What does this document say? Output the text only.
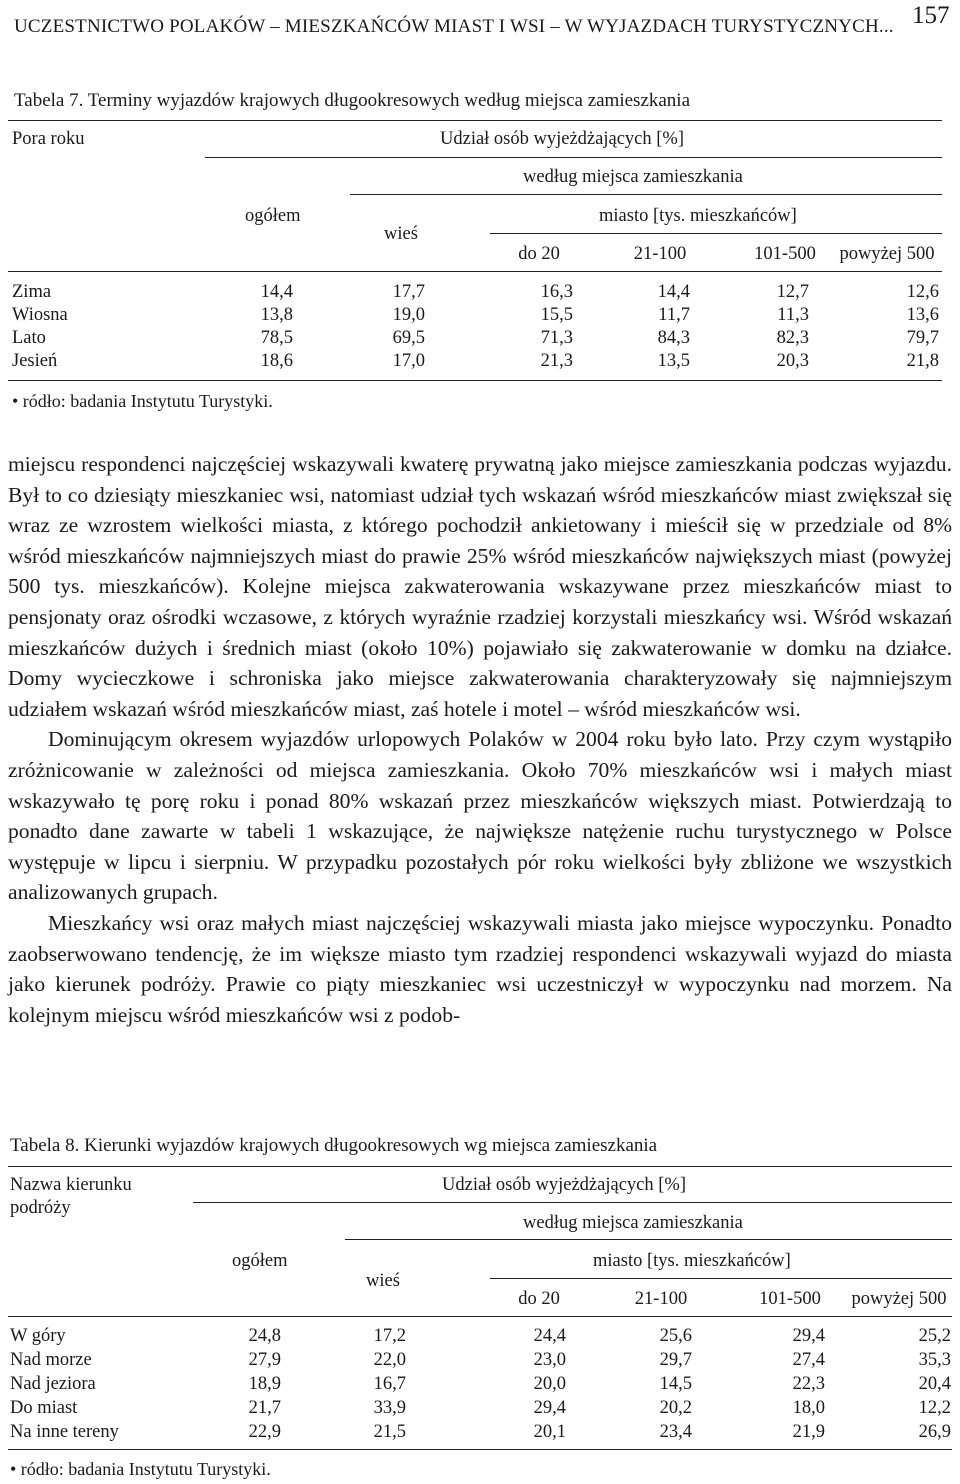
UCZESTNICTWO POLAKÓW – MIESZKAŃCÓW MIAST I WSI – W WYJAZDACH TURYSTYCZNYCH... 157
Tabela 7. Terminy wyjazdów krajowych długookresowych według miejsca zamieszkania
Pora roku	Udział osób wyjeżdżających [%]
według miejsca zamieszkania
ogółem
wieś
miasto [tys. mieszkańców]
do 20	21-100	101-500	powyżej 500
Zima	14,4	17,7	16,3	14,4	12,7	12,6
Wiosna	13,8	19,0	15,5	11,7	11,3	13,6
Lato	78,5	69,5	71,3	84,3	82,3	79,7
Jesień	18,6	17,0	21,3	13,5	20,3	21,8
• ródło: badania Instytutu Turystyki.

miejscu respondenci najczęściej wskazywali kwaterę prywatną jako miejsce zamieszkania podczas wyjazdu. Był to co dziesiąty mieszkaniec wsi, natomiast udział tych wskazań wśród mieszkańców miast zwiększał się wraz ze wzrostem wielkości miasta, z którego pochodził ankietowany i mieścił się w przedziale od 8% wśród mieszkańców najmniejszych miast do prawie 25% wśród mieszkańców największych miast (powyżej 500 tys. mieszkańców). Kolejne miejsca zakwaterowania wskazywane przez mieszkańców miast to pensjonaty oraz ośrodki wczasowe, z których wyraźnie rzadziej korzystali mieszkańcy wsi. Wśród wskazań mieszkańców dużych i średnich miast (około 10%) pojawiało się zakwaterowanie w domku na działce. Domy wycieczkowe i schroniska jako miejsce zakwaterowania charakteryzowały się najmniejszym udziałem wskazań wśród mieszkańców miast, zaś hotele i motel – wśród mieszkańców wsi.

Dominującym okresem wyjazdów urlopowych Polaków w 2004 roku było lato. Przy czym wystąpiło zróżnicowanie w zależności od miejsca zamieszkania. Około 70% mieszkańców wsi i małych miast wskazywało tę porę roku i ponad 80% wskazań przez mieszkańców większych miast. Potwierdzają to ponadto dane zawarte w tabeli 1 wskazujące, że największe natężenie ruchu turystycznego w Polsce występuje w lipcu i sierpniu. W przypadku pozostałych pór roku wielkości były zbliżone we wszystkich analizowanych grupach.

Mieszkańcy wsi oraz małych miast najczęściej wskazywali miasta jako miejsce wypoczynku. Ponadto zaobserwowano tendencję, że im większe miasto tym rzadziej respondenci wskazywali wyjazd do miasta jako kierunek podróży. Prawie co piąty mieszkaniec wsi uczestniczył w wypoczynku nad morzem. Na kolejnym miejscu wśród mieszkańców wsi z podob-

Tabela 8. Kierunki wyjazdów krajowych długookresowych wg miejsca zamieszkania
Nazwa kierunku
podróży
Udział osób wyjeżdżających [%]
według miejsca zamieszkania
ogółem
wieś
miasto [tys. mieszkańców]
do 20	21-100	101-500	powyżej 500
W góry	24,8	17,2	24,4	25,6	29,4	25,2
Nad morze	27,9	22,0	23,0	29,7	27,4	35,3
Nad jeziora	18,9	16,7	20,0	14,5	22,3	20,4
Do miast	21,7	33,9	29,4	20,2	18,0	12,2
Na inne tereny	22,9	21,5	20,1	23,4	21,9	26,9
• ródło: badania Instytutu Turystyki.
